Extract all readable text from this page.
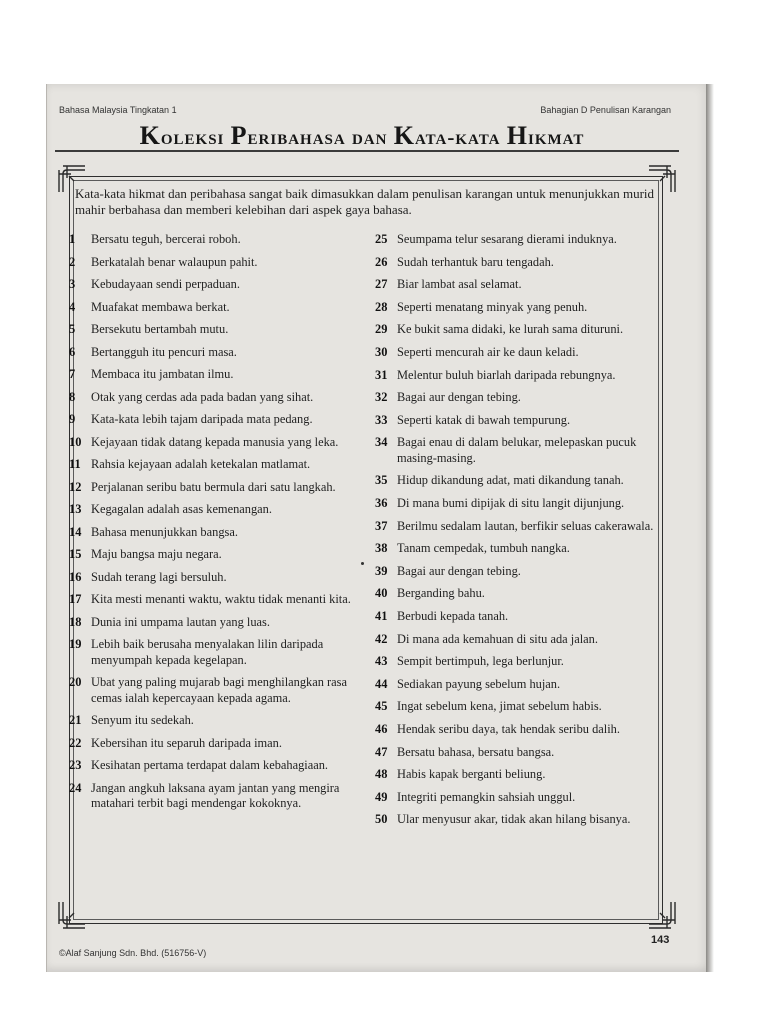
Bahasa Malaysia Tingkatan 1	Bahagian D Penulisan Karangan
Koleksi Peribahasa dan Kata-kata Hikmat
Kata-kata hikmat dan peribahasa sangat baik dimasukkan dalam penulisan karangan untuk menunjukkan murid mahir berbahasa dan memberi kelebihan dari aspek gaya bahasa.
1	Bersatu teguh, bercerai roboh.
2	Berkatalah benar walaupun pahit.
3	Kebudayaan sendi perpaduan.
4	Muafakat membawa berkat.
5	Bersekutu bertambah mutu.
6	Bertangguh itu pencuri masa.
7	Membaca itu jambatan ilmu.
8	Otak yang cerdas ada pada badan yang sihat.
9	Kata-kata lebih tajam daripada mata pedang.
10 Kejayaan tidak datang kepada manusia yang leka.
11 Rahsia kejayaan adalah ketekalan matlamat.
12 Perjalanan seribu batu bermula dari satu langkah.
13 Kegagalan adalah asas kemenangan.
14 Bahasa menunjukkan bangsa.
15 Maju bangsa maju negara.
16 Sudah terang lagi bersuluh.
17 Kita mesti menanti waktu, waktu tidak menanti kita.
18 Dunia ini umpama lautan yang luas.
19 Lebih baik berusaha menyalakan lilin daripada menyumpah kepada kegelapan.
20 Ubat yang paling mujarab bagi menghilangkan rasa cemas ialah kepercayaan kepada agama.
21 Senyum itu sedekah.
22 Kebersihan itu separuh daripada iman.
23 Kesihatan pertama terdapat dalam kebahagiaan.
24 Jangan angkuh laksana ayam jantan yang mengira matahari terbit bagi mendengar kokoknya.
25 Seumpama telur sesarang dierami induknya.
26 Sudah terhantuk baru tengadah.
27 Biar lambat asal selamat.
28 Seperti menatang minyak yang penuh.
29 Ke bukit sama didaki, ke lurah sama dituruni.
30 Seperti mencurah air ke daun keladi.
31 Melentur buluh biarlah daripada rebungnya.
32 Bagai aur dengan tebing.
33 Seperti katak di bawah tempurung.
34 Bagai enau di dalam belukar, melepaskan pucuk masing-masing.
35 Hidup dikandung adat, mati dikandung tanah.
36 Di mana bumi dipijak di situ langit dijunjung.
37 Berilmu sedalam lautan, berfikir seluas cakerawala.
38 Tanam cempedak, tumbuh nangka.
39 Bagai aur dengan tebing.
40 Berganding bahu.
41 Berbudi kepada tanah.
42 Di mana ada kemahuan di situ ada jalan.
43 Sempit bertimpuh, lega berlunjur.
44 Sediakan payung sebelum hujan.
45 Ingat sebelum kena, jimat sebelum habis.
46 Hendak seribu daya, tak hendak seribu dalih.
47 Bersatu bahasa, bersatu bangsa.
48 Habis kapak berganti beliung.
49 Integriti pemangkin sahsiah unggul.
50 Ular menyusur akar, tidak akan hilang bisanya.
143
©Alaf Sanjung Sdn. Bhd. (516756-V)
